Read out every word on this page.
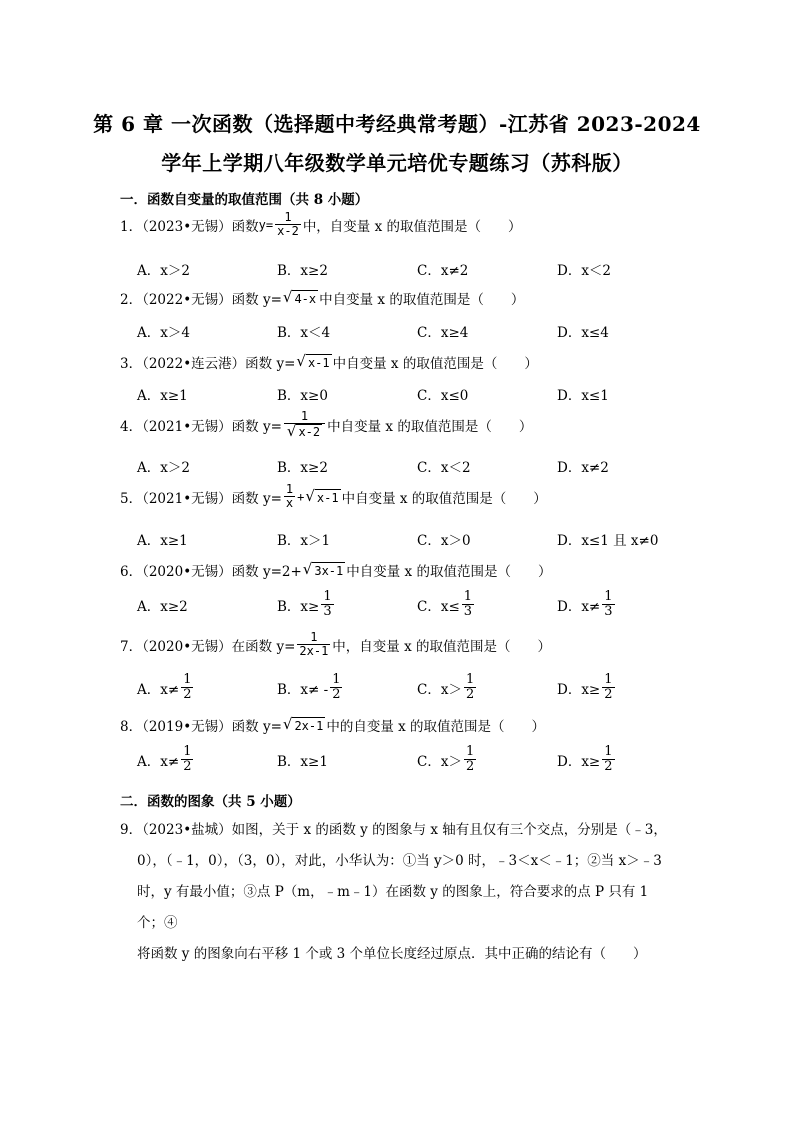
第 6 章 一次函数（选择题中考经典常考题）-江苏省 2023-2024
学年上学期八年级数学单元培优专题练习（苏科版）
一．函数自变量的取值范围（共 8 小题）
1．（2023•无锡）函数 $y= \frac{1}{x-2}$ 中，自变量 x 的取值范围是（　　）
A．x＞2	B．x≥2	C．x≠2	D．x＜2
2．（2022•无锡）函数 y= √ 4-x 中自变量 x 的取值范围是（　　）
A．x＞4	B．x＜4	C．x≥4	D．x≤4
3．（2022•连云港）函数 y= √ x-1 中自变量 x 的取值范围是（　　）
A．x≥1	B．x≥0	C．x≤0	D．x≤1
4．（2021•无锡）函数 $y= \frac{1}{√ x-2}$ 中自变量 x 的取值范围是（　　）
A．x＞2	B．x≥2	C．x＜2	D．x≠2
5．（2021•无锡）函数 $y= \frac{1}{x}$ + √ x-1 中自变量 x 的取值范围是（　　）
A．x≥1	B．x＞1	C．x＞0	D．x≤1 且 x≠0
6．（2020•无锡）函数 y=2+ √ 3x-1 中自变量 x 的取值范围是（　　）
A．x≥2	B．$x\ge \frac{1}{3}$	C．$x\le \frac{1}{3}$	D．$x\ne \frac{1}{3}$
7．（2020•无锡）在函数 $y= \frac{1}{2x-1}$ 中，自变量 x 的取值范围是（　　）
A．$x\ne \frac{1}{2}$	B．$x\ne - \frac{1}{2}$	C．$x> \frac{1}{2}$	D．$x\ge \frac{1}{2}$
8．（2019•无锡）函数 y= √ 2x-1 中的自变量 x 的取值范围是（　　）
A．$x\ne \frac{1}{2}$	B．x≥1	C．$x> \frac{1}{2}$	D．$x\ge \frac{1}{2}$
二．函数的图象（共 5 小题）
9．（2023•盐城）如图，关于 x 的函数 y 的图象与 x 轴有且仅有三个交点，分别是（﹣3，
0），（﹣1，0），（3，0），对此，小华认为：①当 y＞0 时，﹣3＜x＜﹣1；②当 x＞﹣3
时，y 有最小值；③点 P（m，﹣m﹣1）在函数 y 的图象上，符合要求的点 P 只有 1 个；④
将函数 y 的图象向右平移 1 个或 3 个单位长度经过原点．其中正确的结论有（　　）
